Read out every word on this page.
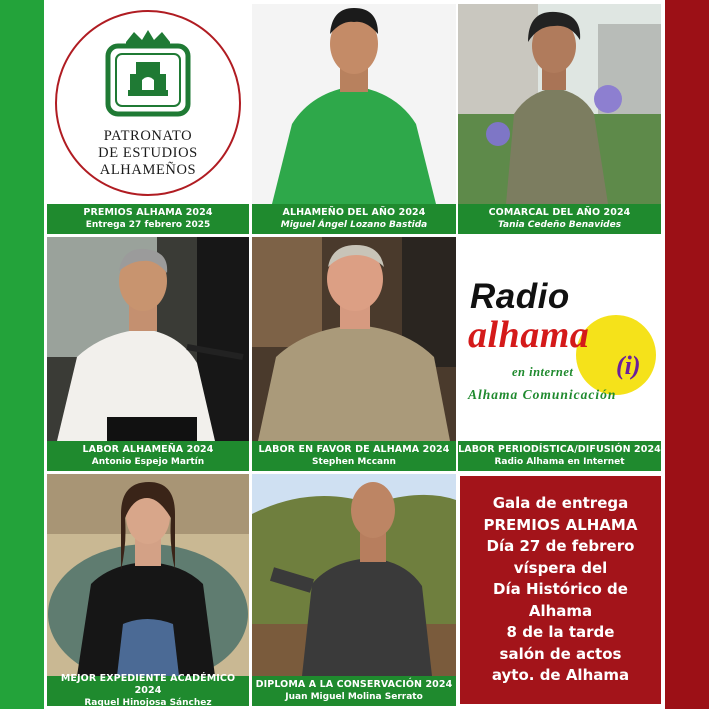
PATRONATO
DE ESTUDIOS
ALHAMEÑOS
PREMIOS ALHAMA 2024
Entrega 27 febrero 2025
ALHAMEÑO DEL AÑO 2024
Miguel Ángel Lozano Bastida
COMARCAL DEL AÑO 2024
Tania Cedeño Benavides
LABOR ALHAMEÑA 2024
Antonio Espejo Martín
LABOR EN FAVOR DE ALHAMA 2024
Stephen Mccann
Radio
alhama
en internet (i)
Alhama Comunicación
LABOR PERIODÍSTICA/DIFUSIÓN 2024
Radio Alhama en Internet
MEJOR EXPEDIENTE ACADÉMICO 2024
Raquel Hinojosa Sánchez
DIPLOMA A LA CONSERVACIÓN 2024
Juan Miguel Molina Serrato
Gala de entrega
PREMIOS ALHAMA
Día 27 de febrero
víspera del
Día Histórico de
Alhama
8 de la tarde
salón de actos
ayto. de Alhama
